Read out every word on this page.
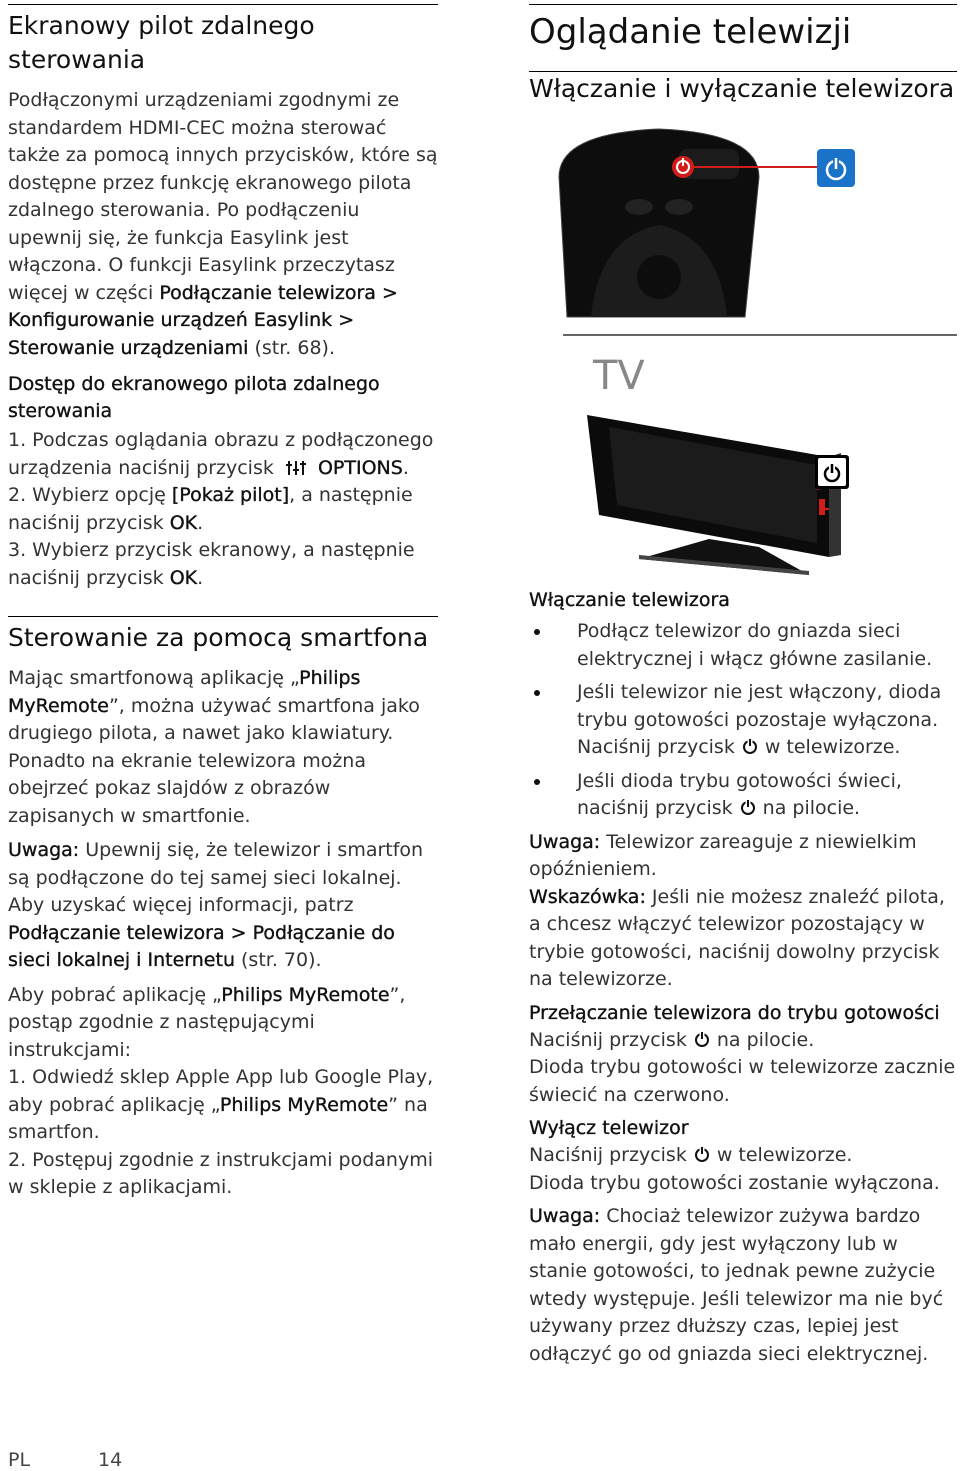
Ekranowy pilot zdalnego sterowania

Podłączonymi urządzeniami zgodnymi ze standardem HDMI-CEC można sterować także za pomocą innych przycisków, które są dostępne przez funkcję ekranowego pilota zdalnego sterowania. Po podłączeniu upewnij się, że funkcja Easylink jest włączona. O funkcji Easylink przeczytasz więcej w części Podłączanie telewizora > Konfigurowanie urządzeń Easylink > Sterowanie urządzeniami (str. 68).

Dostęp do ekranowego pilota zdalnego sterowania

1. Podczas oglądania obrazu z podłączonego urządzenia naciśnij przycisk OPTIONS.

2. Wybierz opcję [Pokaż pilot], a następnie naciśnij przycisk OK.

3. Wybierz przycisk ekranowy, a następnie naciśnij przycisk OK.

Sterowanie za pomocą smartfona

Mając smartfonową aplikację „Philips MyRemote”, można używać smartfona jako drugiego pilota, a nawet jako klawiatury. Ponadto na ekranie telewizora można obejrzeć pokaz slajdów z obrazów zapisanych w smartfonie.

Uwaga: Upewnij się, że telewizor i smartfon są podłączone do tej samej sieci lokalnej. Aby uzyskać więcej informacji, patrz Podłączanie telewizora > Podłączanie do sieci lokalnej i Internetu (str. 70).

Aby pobrać aplikację „Philips MyRemote”, postąp zgodnie z następującymi instrukcjami:

1. Odwiedź sklep Apple App lub Google Play, aby pobrać aplikację „Philips MyRemote” na smartfon.

2. Postępuj zgodnie z instrukcjami podanymi w sklepie z aplikacjami.

Oglądanie telewizji

Włączanie i wyłączanie telewizora

TV

Włączanie telewizora

Podłącz telewizor do gniazda sieci elektrycznej i włącz główne zasilanie.
Jeśli telewizor nie jest włączony, dioda trybu gotowości pozostaje wyłączona. Naciśnij przycisk w telewizorze.
Jeśli dioda trybu gotowości świeci, naciśnij przycisk na pilocie.

Uwaga: Telewizor zareaguje z niewielkim opóźnieniem.

Wskazówka: Jeśli nie możesz znaleźć pilota, a chcesz włączyć telewizor pozostający w trybie gotowości, naciśnij dowolny przycisk na telewizorze.

Przełączanie telewizora do trybu gotowości

Naciśnij przycisk na pilocie.

Dioda trybu gotowości w telewizorze zacznie świecić na czerwono.

Wyłącz telewizor

Naciśnij przycisk w telewizorze.

Dioda trybu gotowości zostanie wyłączona.

Uwaga: Chociaż telewizor zużywa bardzo mało energii, gdy jest wyłączony lub w stanie gotowości, to jednak pewne zużycie wtedy występuje. Jeśli telewizor ma nie być używany przez dłuższy czas, lepiej jest odłączyć go od gniazda sieci elektrycznej.

PL	14
